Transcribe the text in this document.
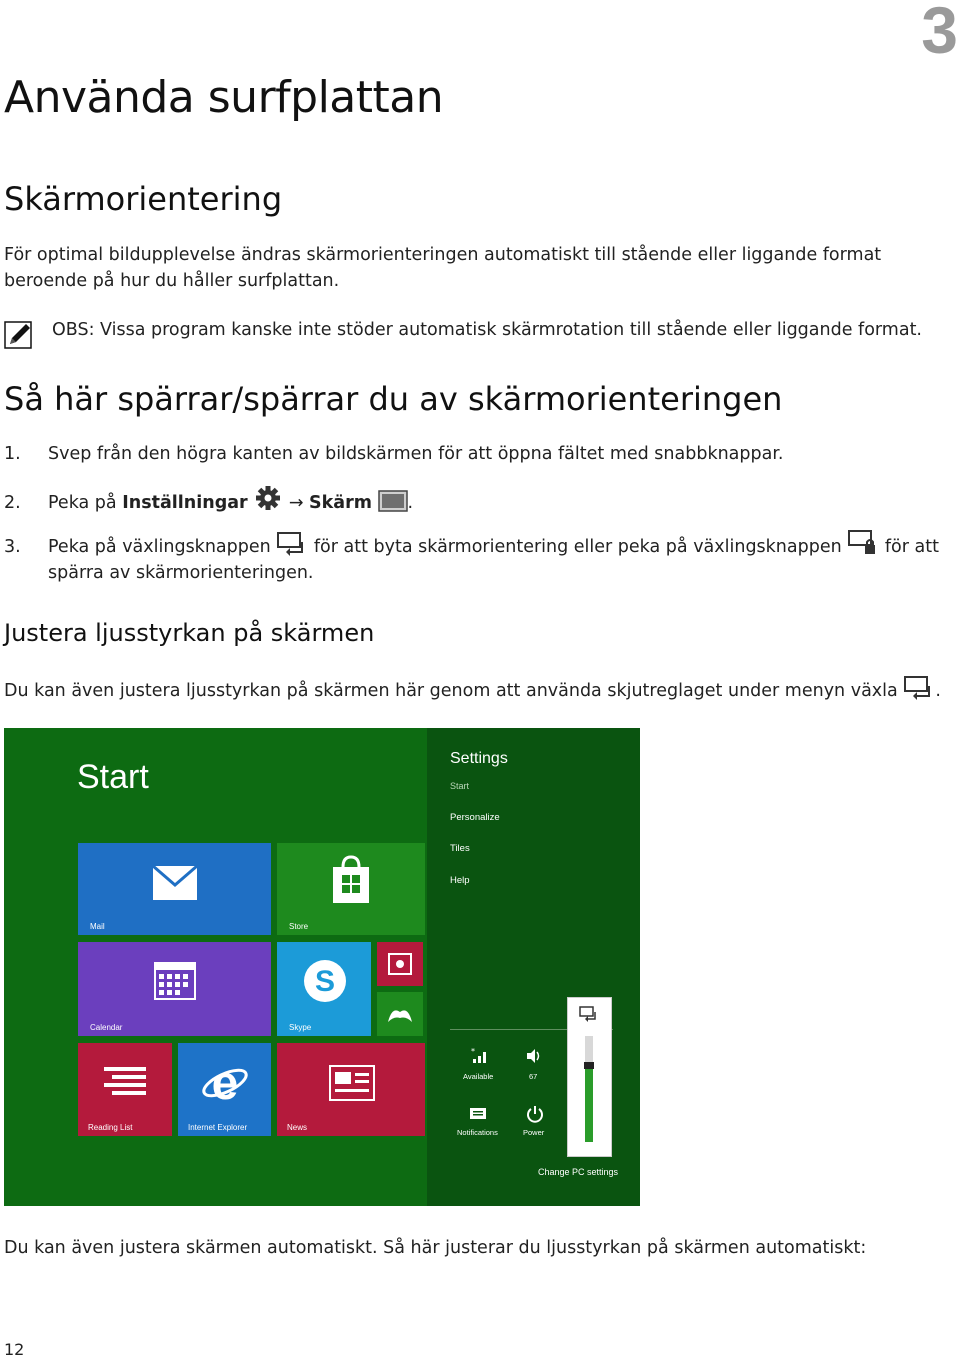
3
Använda surfplattan
Skärmorientering
För optimal bildupplevelse ändras skärmorienteringen automatiskt till stående eller liggande format
beroende på hur du håller surfplattan.
OBS: Vissa program kanske inte stöder automatisk skärmrotation till stående eller liggande format.
Så här spärrar/spärrar du av skärmorienteringen
1. Svep från den högra kanten av bildskärmen för att öppna fältet med snabbknappar.
2. Peka på Inställningar  → Skärm .
3. Peka på växlingsknappen för att byta skärmorientering eller peka på växlingsknappen för att
spärra av skärmorienteringen.
Justera ljusstyrkan på skärmen
Du kan även justera ljusstyrkan på skärmen här genom att använda skjutreglaget under menyn växla .
Start
Mail	Store
Calendar
S
Skype
Reading List
e
Internet Explorer	News
Settings
Start
Personalize
Tiles
Help
*
Available	67
Notifications	Power
Change PC settings
Du kan även justera skärmen automatiskt. Så här justerar du ljusstyrkan på skärmen automatiskt:
12
